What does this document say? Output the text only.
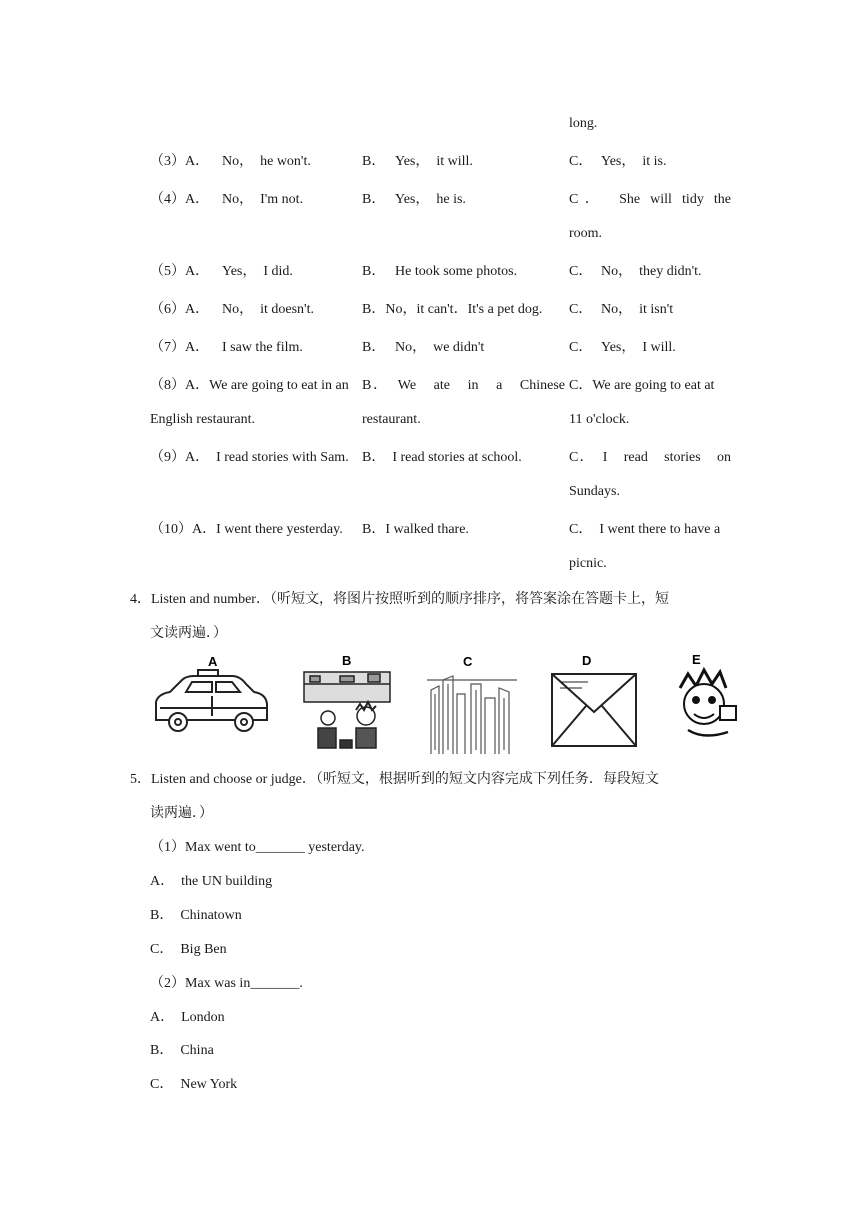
long.
（3）A． No，　he won't.	B． Yes，　it will.	C． Yes，　it is.
（4）A． No，　I'm not.	B． Yes，　he is.	C．　She will tidy the
room.
（5）A． Yes，　I did.	B． He took some photos.	C． No，　they didn't.
（6）A． No，　it doesn't.	B．No，it can't．It's a pet dog. C． No，　it isn't
（7）A． I saw the film.	B． No，　we didn't	C． Yes，　I will.
（8）A．We are going to eat in an
English restaurant.
B．　We　ate　in　a　Chinese
restaurant.
C．We are going to eat at
11 o'clock.
（9）A．　I read stories with Sam. B．　I read stories at school.	C．　I　read　stories　on
Sundays.
（10）A．I went there yesterday. B．I walked thare.	C．　I went there to have a
picnic.
4．Listen and number．（听短文，将图片按照听到的顺序排序，将答案涂在答题卡上，短
文读两遍．）
A	B	C	D	E
5．Listen and choose or judge．（听短文，根据听到的短文内容完成下列任务．每段短文
读两遍．）
（1）Max went to_______ yesterday.
A．　the UN building
B．　Chinatown
C．　Big Ben
（2）Max was in_______.
A．　London
B．　China
C．　New York
